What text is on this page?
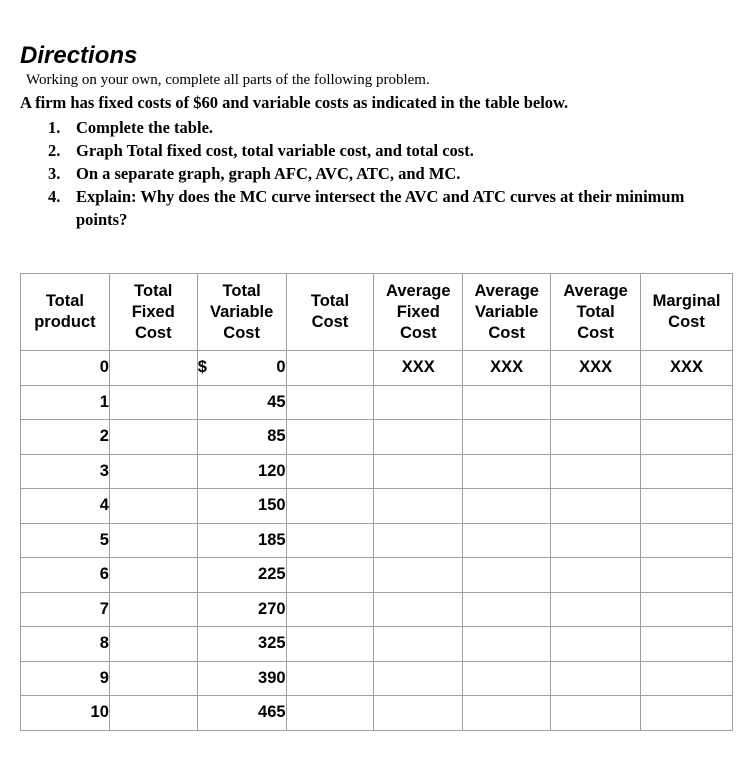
Directions
Working on your own, complete all parts of the following problem.
A firm has fixed costs of $60 and variable costs as indicated in the table below.
1. Complete the table.
2. Graph Total fixed cost, total variable cost, and total cost.
3. On a separate graph, graph AFC, AVC, ATC, and MC.
4. Explain: Why does the MC curve intersect the AVC and ATC curves at their minimum points?
Total
product	Total
Fixed
Cost	Total
Variable
Cost	Total
Cost	Average
Fixed
Cost	Average
Variable
Cost	Average
Total
Cost	Marginal
Cost
0		$ 0		XXX	XXX	XXX	XXX
1		45					
2		85					
3		120					
4		150					
5		185					
6		225					
7		270					
8		325					
9		390					
10		465					
